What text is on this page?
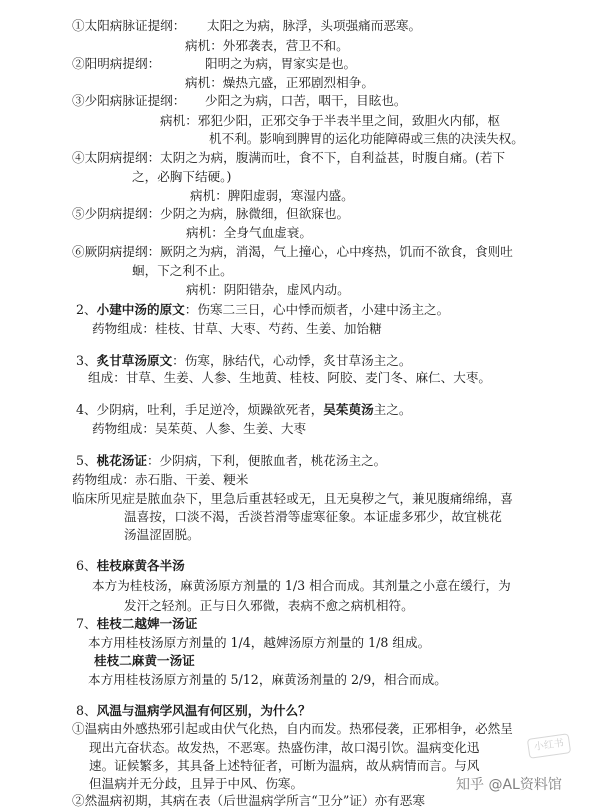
①太阳病脉证提纲： 太阳之为病，脉浮，头项强痛而恶寒。
病机：外邪袭表，营卫不和。
②阳明病提纲：	阳明之为病，胃家实是也。
病机：燥热亢盛，正邪剧烈相争。
③少阳病脉证提纲： 少阳之为病，口苦，咽干，目眩也。
病机：邪犯少阳，正邪交争于半表半里之间，致胆火内郁，枢
机不利。影响到脾胃的运化功能障碍或三焦的决渎失权。
④太阴病提纲：太阴之为病，腹满而吐，食不下，自利益甚，时腹自痛。(若下
之，必胸下结硬。)
病机：脾阳虚弱，寒湿内盛。
⑤少阴病提纲：少阴之为病，脉微细，但欲寐也。
病机：全身气血虚衰。
⑥厥阴病提纲：厥阴之为病，消渴，气上撞心，心中疼热，饥而不欲食，食则吐
蛔，下之利不止。
病机：阴阳错杂，虚风内动。
2、小建中汤的原文：伤寒二三日，心中悸而烦者，小建中汤主之。
药物组成：桂枝、甘草、大枣、芍药、生姜、加饴糖
3、炙甘草汤原文：伤寒，脉结代，心动悸，炙甘草汤主之。
组成：甘草、生姜、人参、生地黄、桂枝、阿胶、麦门冬、麻仁、大枣。
4、少阴病，吐利，手足逆冷，烦躁欲死者，吴茱萸汤主之。
药物组成：吴茱萸、人参、生姜、大枣
5、桃花汤证：少阴病，下利，便脓血者，桃花汤主之。
药物组成：赤石脂、干姜、粳米
临床所见症是脓血杂下，里急后重甚轻或无，且无臭秽之气，兼见腹痛绵绵，喜
温喜按，口淡不渴，舌淡苔滑等虚寒征象。本证虚多邪少，故宜桃花
汤温涩固脱。
6、桂枝麻黄各半汤
本方为桂枝汤，麻黄汤原方剂量的 1/3 相合而成。其剂量之小意在缓行，为
发汗之轻剂。正与日久邪微，表病不愈之病机相符。
7、桂枝二越婢一汤证
本方用桂枝汤原方剂量的 1/4，越婢汤原方剂量的 1/8 组成。
桂枝二麻黄一汤证
本方用桂枝汤原方剂量的 5/12，麻黄汤剂量的 2/9，相合而成。
8、风温与温病学风温有何区别，为什么？
①温病由外感热邪引起或由伏气化热，自内而发。热邪侵袭，正邪相争，必然呈
现出亢奋状态。故发热，不恶寒。热盛伤津，故口渴引饮。温病变化迅
速。证候繁多，其具备上述特征者，可断为温病，故从病情而言。与风
但温病并无分歧，且异于中风、伤寒。
②然温病初期，其病在表（后世温病学所言“卫分”证）亦有恶寒
小红书
知乎 @AL资料馆
